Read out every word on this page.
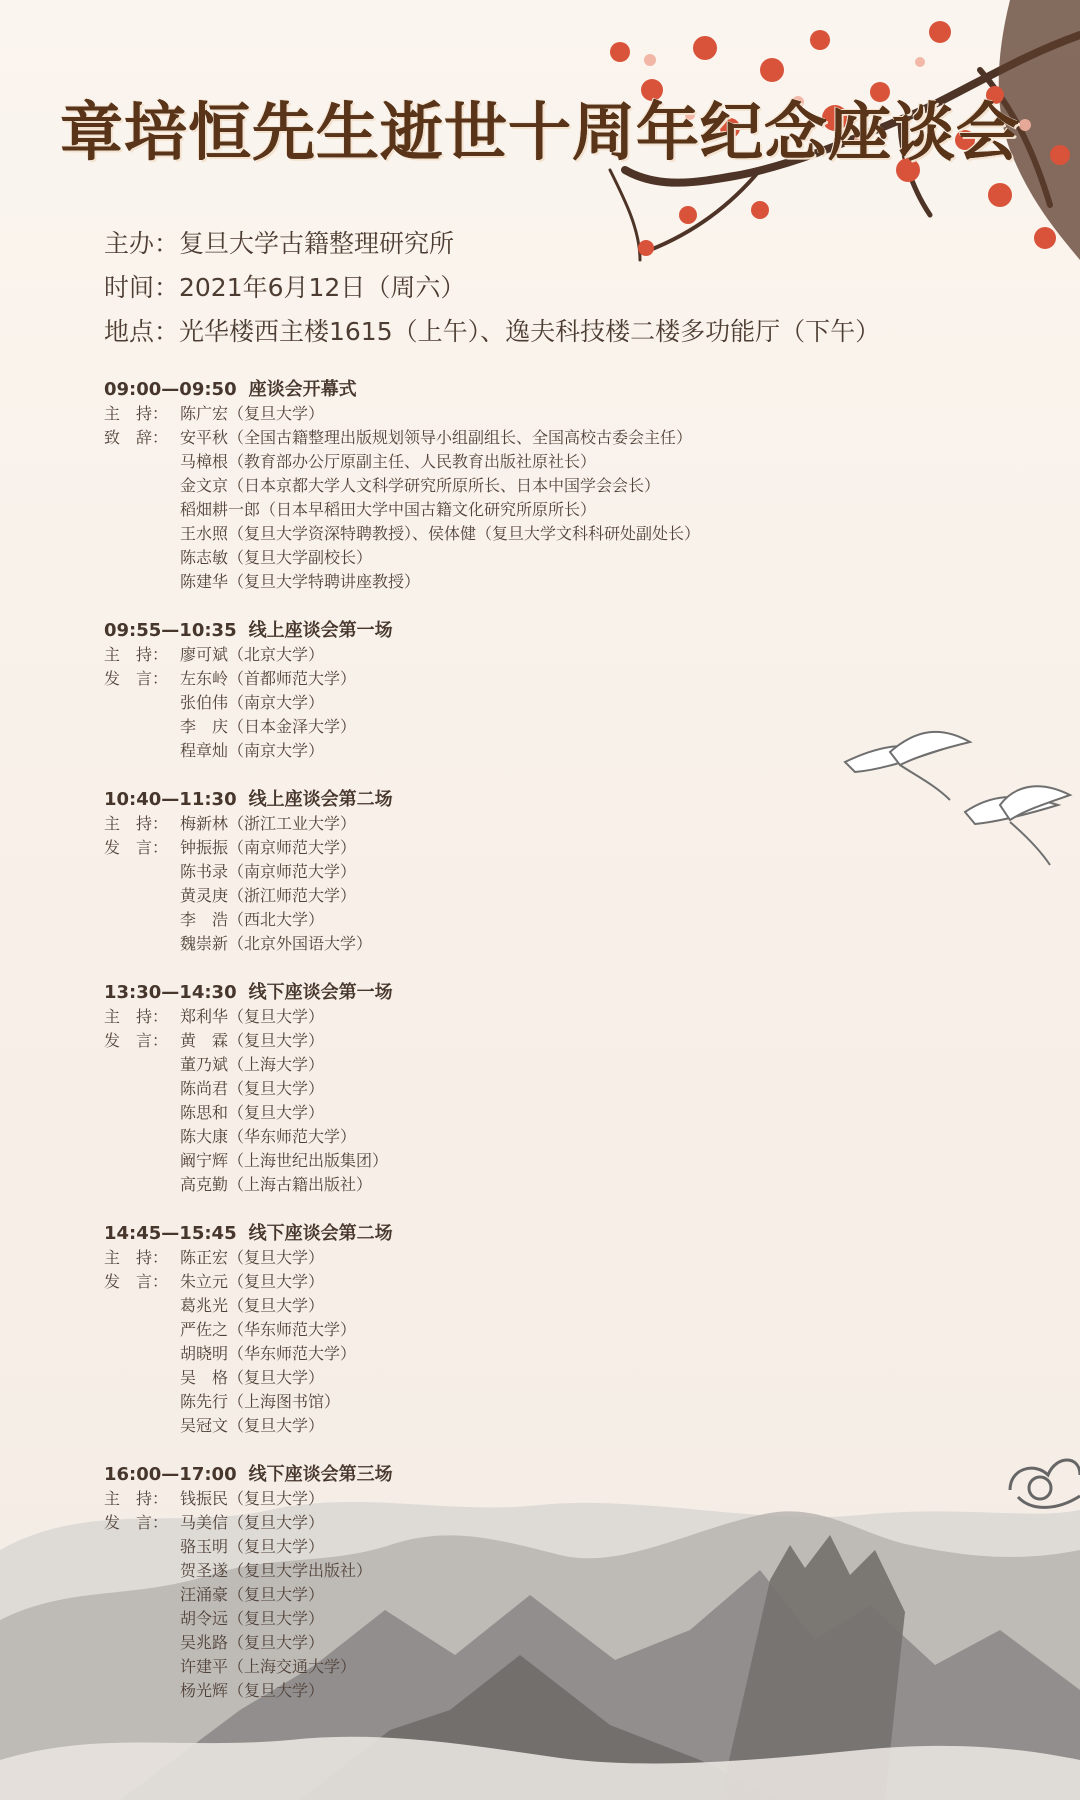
章培恒先生逝世十周年纪念座谈会
主办：复旦大学古籍整理研究所
时间：2021年6月12日（周六）
地点：光华楼西主楼1615（上午）、逸夫科技楼二楼多功能厅（下午）
09:00—09:50 座谈会开幕式
主　持： 陈广宏（复旦大学）
致　辞： 安平秋（全国古籍整理出版规划领导小组副组长、全国高校古委会主任）
马樟根（教育部办公厅原副主任、人民教育出版社原社长）
金文京（日本京都大学人文科学研究所原所长、日本中国学会会长）
稻畑耕一郎（日本早稻田大学中国古籍文化研究所原所长）
王水照（复旦大学资深特聘教授）、侯体健（复旦大学文科科研处副处长）
陈志敏（复旦大学副校长）
陈建华（复旦大学特聘讲座教授）
09:55—10:35 线上座谈会第一场
主　持： 廖可斌（北京大学）
发　言： 左东岭（首都师范大学）
张伯伟（南京大学）
李　庆（日本金泽大学）
程章灿（南京大学）
10:40—11:30 线上座谈会第二场
主　持： 梅新林（浙江工业大学）
发　言： 钟振振（南京师范大学）
陈书录（南京师范大学）
黄灵庚（浙江师范大学）
李　浩（西北大学）
魏崇新（北京外国语大学）
13:30—14:30 线下座谈会第一场
主　持： 郑利华（复旦大学）
发　言： 黄　霖（复旦大学）
董乃斌（上海大学）
陈尚君（复旦大学）
陈思和（复旦大学）
陈大康（华东师范大学）
阚宁辉（上海世纪出版集团）
高克勤（上海古籍出版社）
14:45—15:45 线下座谈会第二场
主　持： 陈正宏（复旦大学）
发　言： 朱立元（复旦大学）
葛兆光（复旦大学）
严佐之（华东师范大学）
胡晓明（华东师范大学）
吴　格（复旦大学）
陈先行（上海图书馆）
吴冠文（复旦大学）
16:00—17:00 线下座谈会第三场
主　持： 钱振民（复旦大学）
发　言： 马美信（复旦大学）
骆玉明（复旦大学）
贺圣遂（复旦大学出版社）
汪涌豪（复旦大学）
胡令远（复旦大学）
吴兆路（复旦大学）
许建平（上海交通大学）
杨光辉（复旦大学）
